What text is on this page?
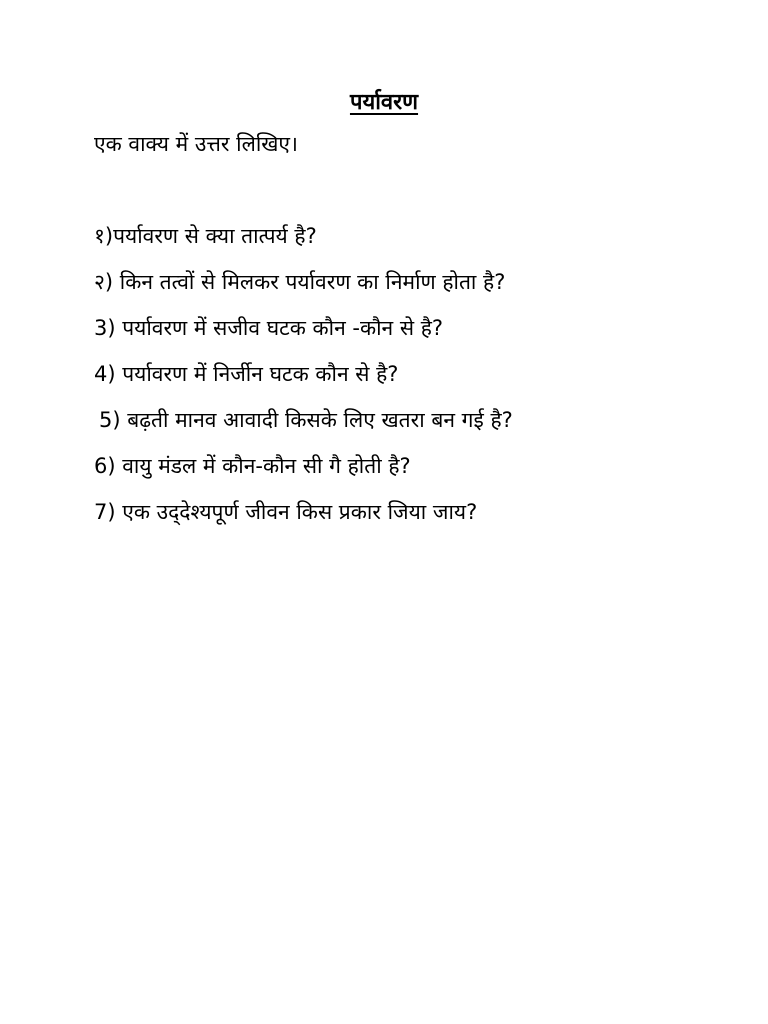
पर्यावरण
एक वाक्य में उत्तर लिखिए।
१)पर्यावरण से क्या तात्पर्य है?
२) किन तत्वों से मिलकर पर्यावरण का निर्माण होता है?
3) पर्यावरण में सजीव घटक कौन -कौन से है?
4) पर्यावरण में निर्जीन घटक कौन से है?
5) बढ़ती मानव आवादी किसके लिए खतरा बन गई है?
6) वायु मंडल में कौन-कौन सी गै होती है?
7) एक उद्‌देश्यपूर्ण जीवन किस प्रकार जिया जाय?
